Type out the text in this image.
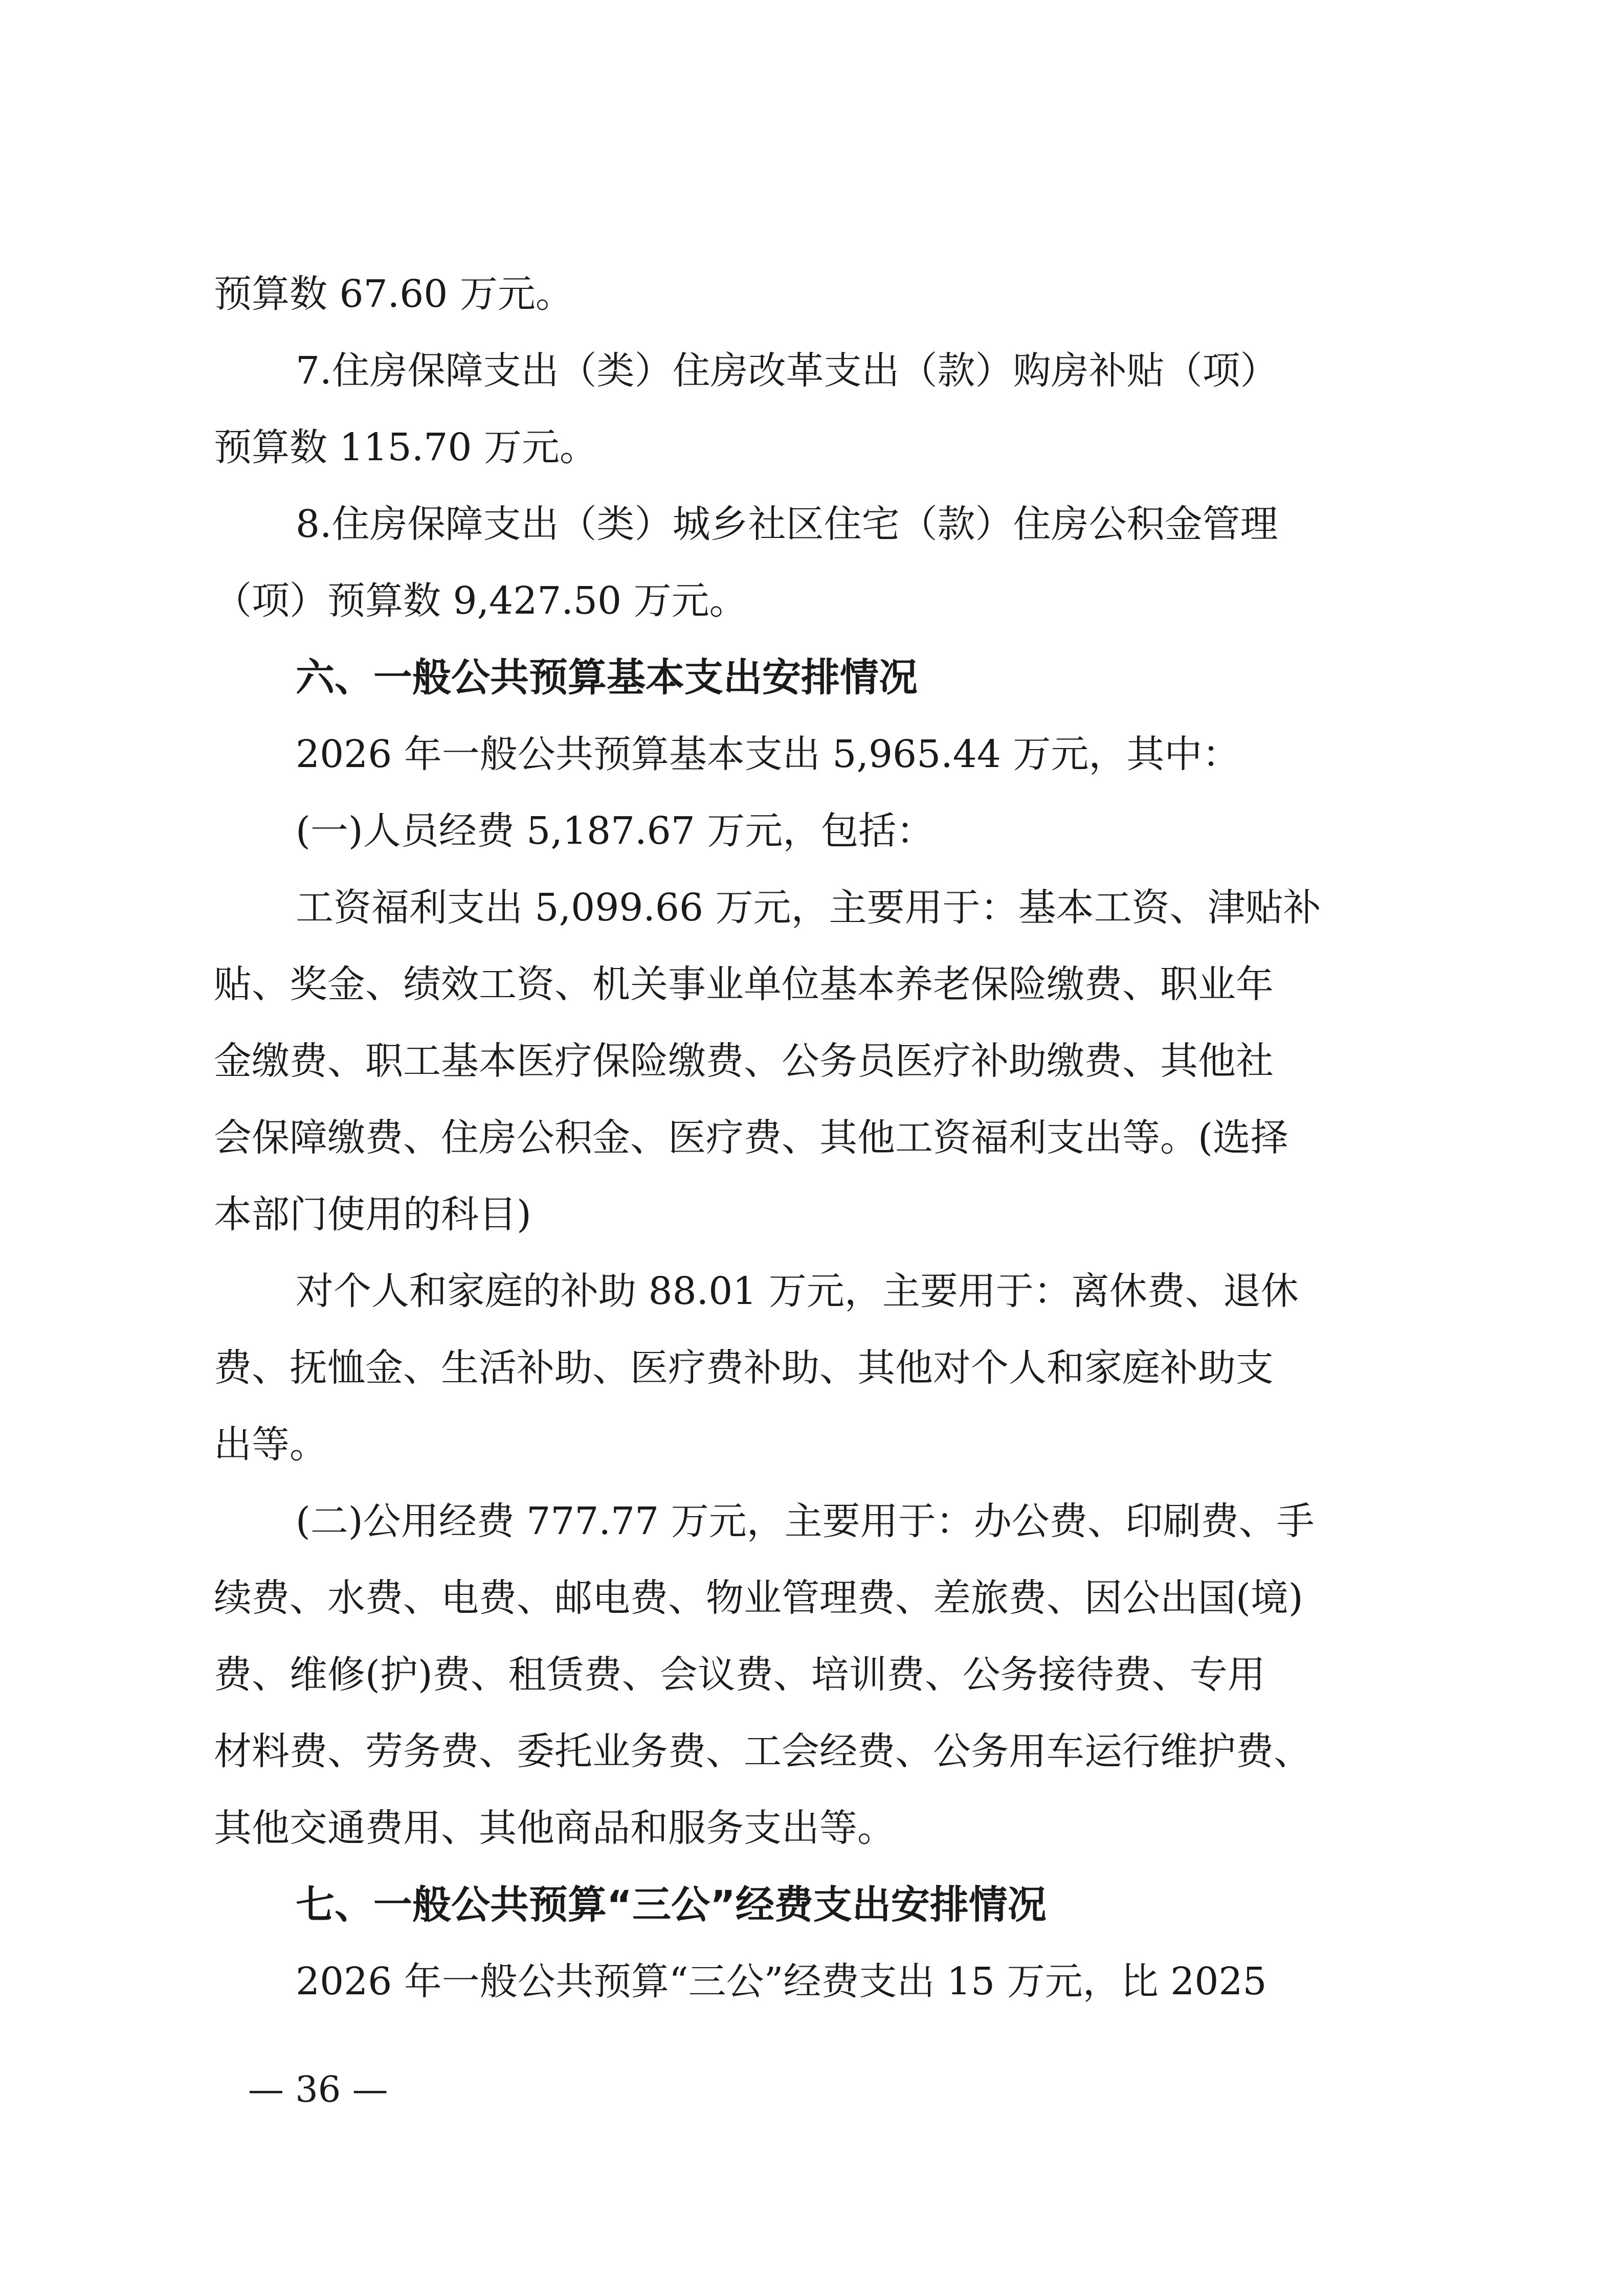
预算数 67.60 万元。
7.住房保障支出（类）住房改革支出（款）购房补贴（项）
预算数 115.70 万元。
8.住房保障支出（类）城乡社区住宅（款）住房公积金管理
（项）预算数 9,427.50 万元。
六、一般公共预算基本支出安排情况
2026 年一般公共预算基本支出 5,965.44 万元，其中：
(一)人员经费 5,187.67 万元，包括：
工资福利支出 5,099.66 万元，主要用于：基本工资、津贴补
贴、奖金、绩效工资、机关事业单位基本养老保险缴费、职业年
金缴费、职工基本医疗保险缴费、公务员医疗补助缴费、其他社
会保障缴费、住房公积金、医疗费、其他工资福利支出等。(选择
本部门使用的科目)
对个人和家庭的补助 88.01 万元，主要用于：离休费、退休
费、抚恤金、生活补助、医疗费补助、其他对个人和家庭补助支
出等。
(二)公用经费 777.77 万元，主要用于：办公费、印刷费、手
续费、水费、电费、邮电费、物业管理费、差旅费、因公出国(境)
费、维修(护)费、租赁费、会议费、培训费、公务接待费、专用
材料费、劳务费、委托业务费、工会经费、公务用车运行维护费、
其他交通费用、其他商品和服务支出等。
七、一般公共预算“三公”经费支出安排情况
2026 年一般公共预算“三公”经费支出 15 万元，比 2025
— 36 —
